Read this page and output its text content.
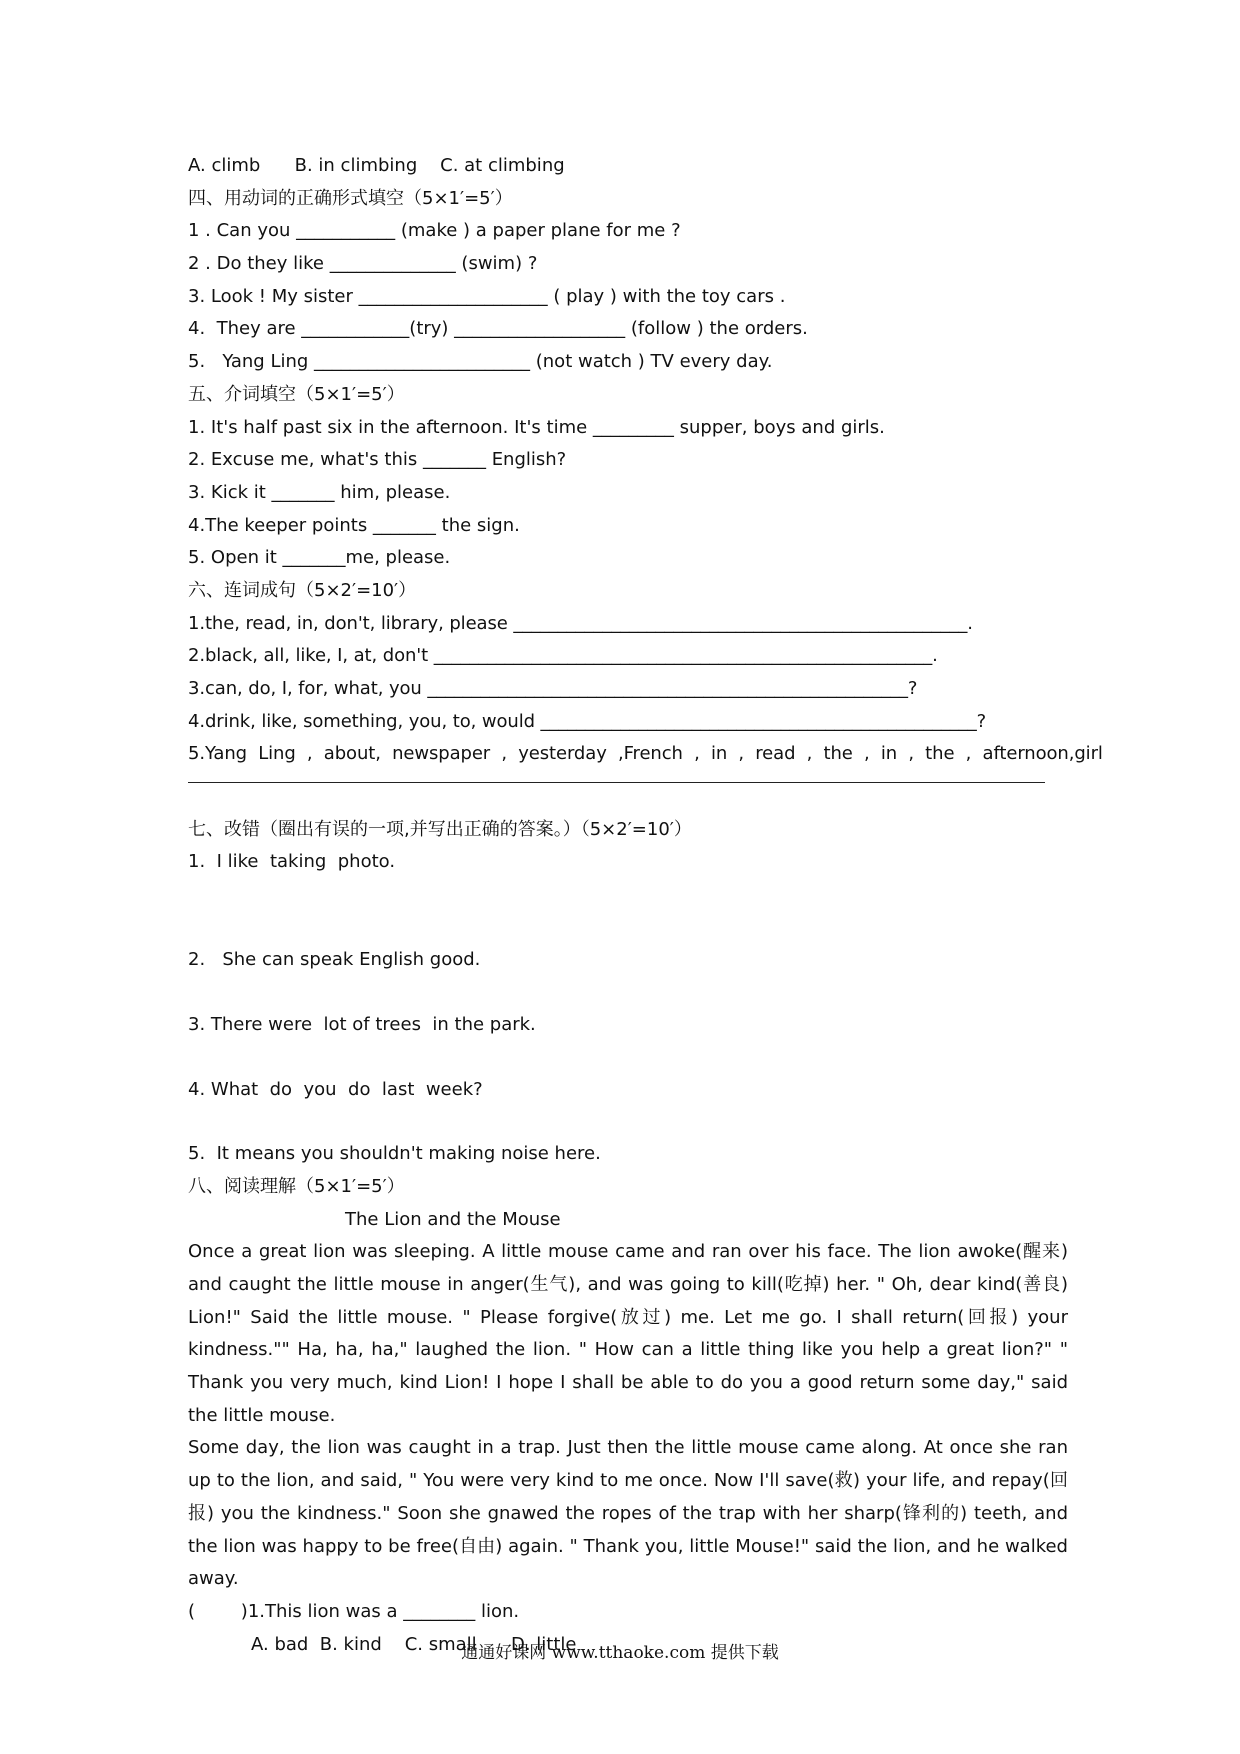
A. climb      B. in climbing    C. at climbing
四、用动词的正确形式填空（5×1′=5′）
1 . Can you ___________ (make ) a paper plane for me ?
2 . Do they like ______________ (swim) ?
3. Look ! My sister _____________________ ( play ) with the toy cars .
4.  They are ____________(try) ___________________ (follow ) the orders.
5.   Yang Ling ________________________ (not watch ) TV every day.
五、介词填空（5×1′=5′）
1. It's half past six in the afternoon. It's time _________ supper, boys and girls.
2. Excuse me, what's this _______ English?
3. Kick it _______ him, please.
4.The keeper points _______ the sign.
5. Open it _______me, please.
六、连词成句（5×2′=10′）
1.the, read, in, don't, library, please ___________________________________________________.
2.black, all, like, I, at, don't ________________________________________________________.
3.can, do, I, for, what, you ______________________________________________________?
4.drink, like, something, you, to, would _________________________________________________?
5.Yang  Ling  ,  about,  newspaper  ,  yesterday  ,French  ,  in  ,  read  ,  the  ,  in  ,  the  ,  afternoon,girl
七、改错（圈出有误的一项,并写出正确的答案。）（5×2′=10′）
1.  I like  taking  photo.
2.   She can speak English good.
3. There were  lot of trees  in the park.
4. What  do  you  do  last  week?
5.  It means you shouldn't making noise here.
八、阅读理解（5×1′=5′）
The Lion and the Mouse
Once a great lion was sleeping. A little mouse came and ran over his face. The lion awoke(醒来) and caught the little mouse in anger(生气), and was going to kill(吃掉) her. " Oh, dear kind(善良) Lion!" Said the little mouse. " Please forgive(放过) me. Let me go. I shall return(回报) your kindness."" Ha, ha, ha," laughed the lion. " How can a little thing like you help a great lion?" " Thank you very much, kind Lion! I hope I shall be able to do you a good return some day," said the little mouse.
Some day, the lion was caught in a trap. Just then the little mouse came along. At once she ran up to the lion, and said, " You were very kind to me once. Now I'll save(救) your life, and repay(回报) you the kindness." Soon she gnawed the ropes of the trap with her sharp(锋利的) teeth, and the lion was happy to be free(自由) again. " Thank you, little Mouse!" said the lion, and he walked away.
(        )1.This lion was a ________ lion.
A. bad  B. kind    C. small      D. little
通通好课网 www.tthaoke.com 提供下载
